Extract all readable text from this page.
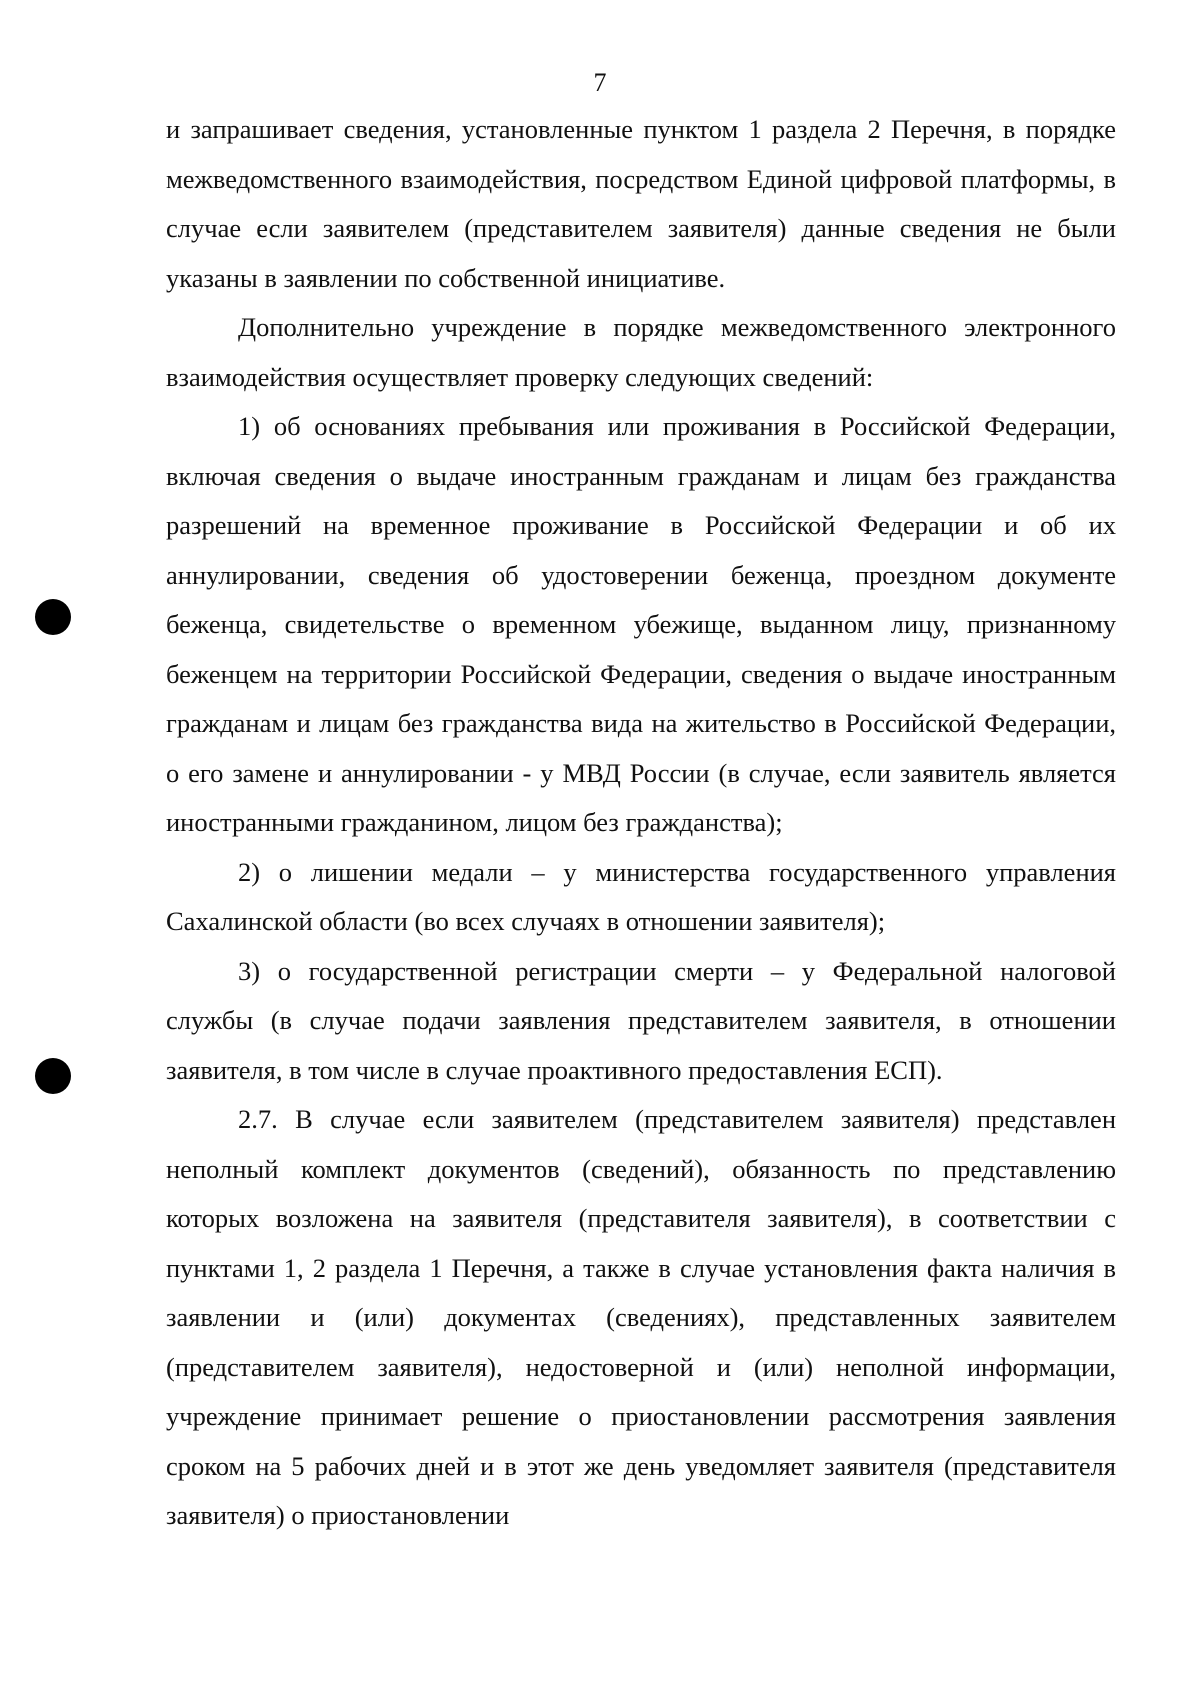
7

и запрашивает сведения, установленные пунктом 1 раздела 2 Перечня, в порядке межведомственного взаимодействия, посредством Единой цифровой платформы, в случае если заявителем (представителем заявителя) данные сведения не были указаны в заявлении по собственной инициативе.

Дополнительно учреждение в порядке межведомственного электронного взаимодействия осуществляет проверку следующих сведений:

1) об основаниях пребывания или проживания в Российской Федерации, включая сведения о выдаче иностранным гражданам и лицам без гражданства разрешений на временное проживание в Российской Федерации и об их аннулировании, сведения об удостоверении беженца, проездном документе беженца, свидетельстве о временном убежище, выданном лицу, признанному беженцем на территории Российской Федерации, сведения о выдаче иностранным гражданам и лицам без гражданства вида на жительство в Российской Федерации, о его замене и аннулировании - у МВД России (в случае, если заявитель является иностранными гражданином, лицом без гражданства);

2) о лишении медали – у министерства государственного управления Сахалинской области (во всех случаях в отношении заявителя);

3) о государственной регистрации смерти – у Федеральной налоговой службы (в случае подачи заявления представителем заявителя, в отношении заявителя, в том числе в случае проактивного предоставления ЕСП).

2.7. В случае если заявителем (представителем заявителя) представлен неполный комплект документов (сведений), обязанность по представлению которых возложена на заявителя (представителя заявителя), в соответствии с пунктами 1, 2 раздела 1 Перечня, а также в случае установления факта наличия в заявлении и (или) документах (сведениях), представленных заявителем (представителем заявителя), недостоверной и (или) неполной информации, учреждение принимает решение о приостановлении рассмотрения заявления сроком на 5 рабочих дней и в этот же день уведомляет заявителя (представителя заявителя) о приостановлении
